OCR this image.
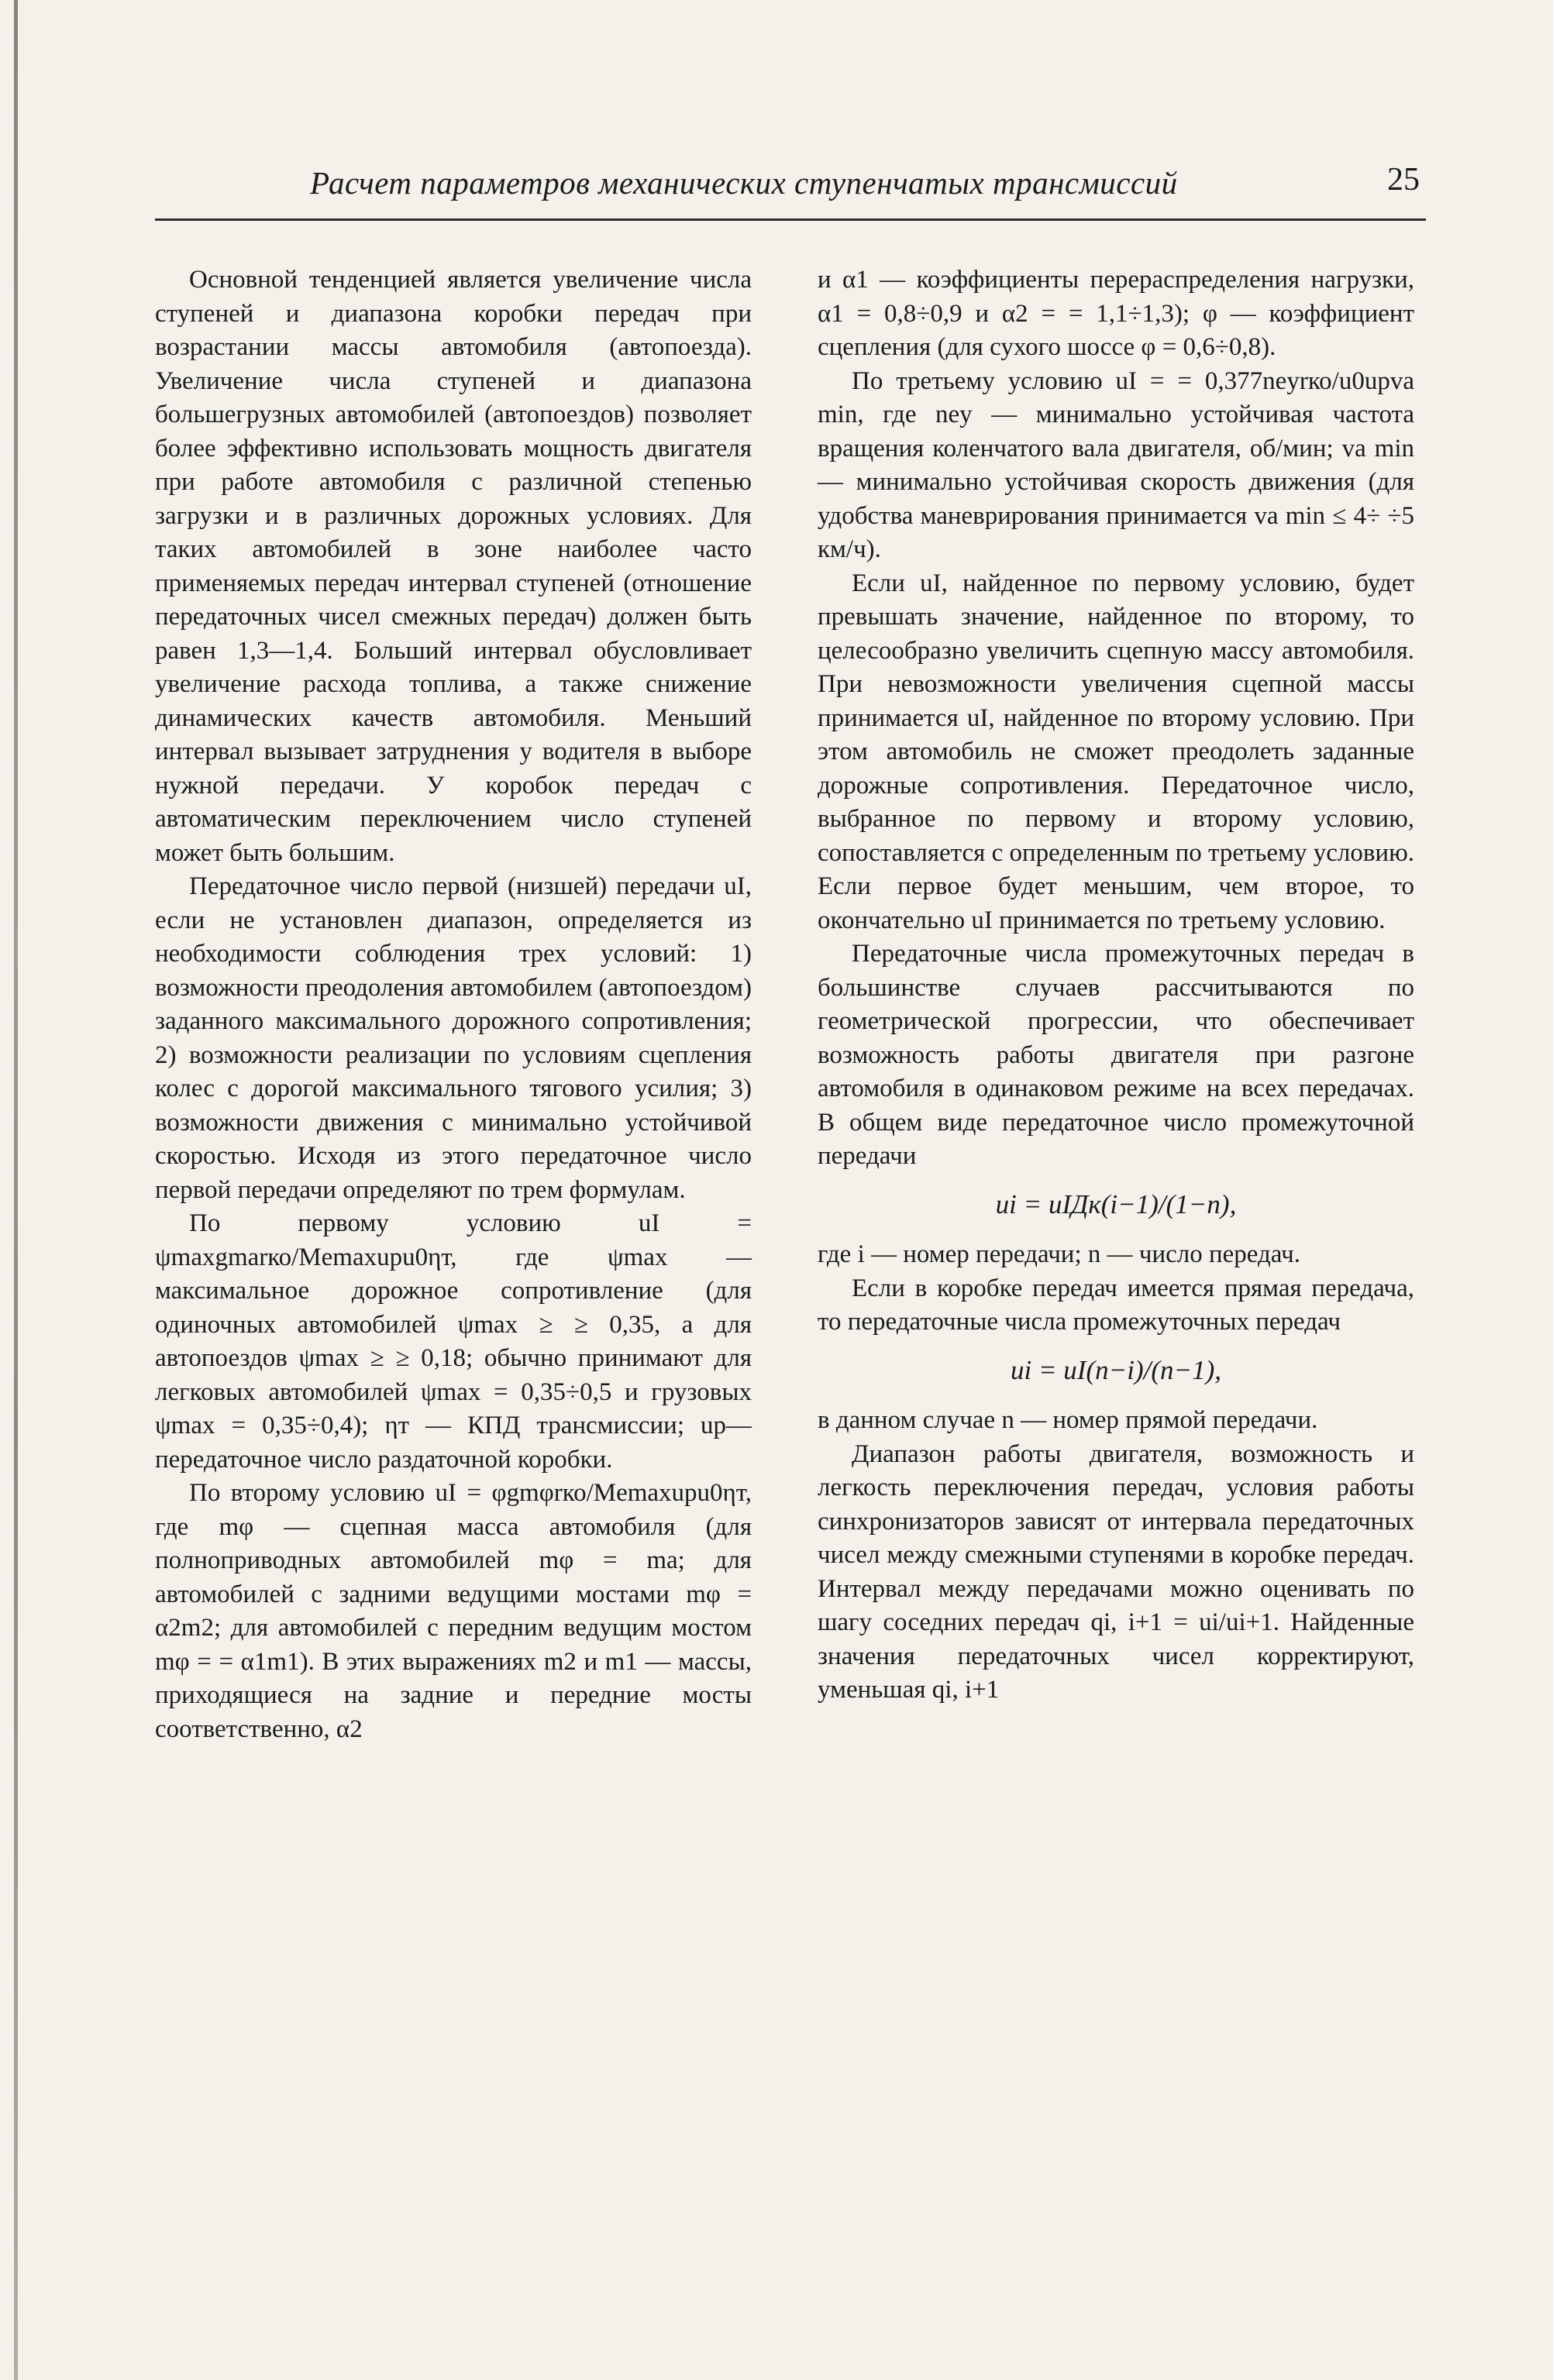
Расчет параметров механических ступенчатых трансмиссий	25

Основной тенденцией является увеличение числа ступеней и диапазона коробки передач при возрастании массы автомобиля (автопоезда). Увеличение числа ступеней и диапазона большегрузных автомобилей (автопоездов) позволяет более эффективно использовать мощность двигателя при работе автомобиля с различной степенью загрузки и в различных дорожных условиях. Для таких автомобилей в зоне наиболее часто применяемых передач интервал ступеней (отношение передаточных чисел смежных передач) должен быть равен 1,3—1,4. Больший интервал обусловливает увеличение расхода топлива, а также снижение динамических качеств автомобиля. Меньший интервал вызывает затруднения у водителя в выборе нужной передачи. У коробок передач с автоматическим переключением число ступеней может быть большим.

Передаточное число первой (низшей) передачи uI, если не установлен диапазон, определяется из необходимости соблюдения трех условий: 1) возможности преодоления автомобилем (автопоездом) заданного максимального дорожного сопротивления; 2) возможности реализации по условиям сцепления колес с дорогой максимального тягового усилия; 3) возможности движения с минимально устойчивой скоростью. Исходя из этого передаточное число первой передачи определяют по трем формулам.

По первому условию uI = ψmaxgmarко/Memaxupu0ηт, где ψmax — максимальное дорожное сопротивление (для одиночных автомобилей ψmax ≥ ≥ 0,35, а для автопоездов ψmax ≥ ≥ 0,18; обычно принимают для легковых автомобилей ψmax = 0,35÷0,5 и грузовых ψmax = 0,35÷0,4); ηт — КПД трансмиссии; uр—передаточное число раздаточной коробки.

По второму условию uI = φgmφrко/Memaxupu0ηт, где mφ — сцепная масса автомобиля (для полноприводных автомобилей mφ = ma; для автомобилей с задними ведущими мостами mφ = α2m2; для автомобилей с передним ведущим мостом mφ = = α1m1). В этих выражениях m2 и m1 — массы, приходящиеся на задние и передние мосты соответственно, α2

и α1 — коэффициенты перераспределения нагрузки, α1 = 0,8÷0,9 и α2 = = 1,1÷1,3); φ — коэффициент сцепления (для сухого шоссе φ = 0,6÷0,8).

По третьему условию uI = = 0,377neyrко/u0upva min, где ney — минимально устойчивая частота вращения коленчатого вала двигателя, об/мин; va min — минимально устойчивая скорость движения (для удобства маневрирования принимается va min ≤ 4÷ ÷5 км/ч).

Если uI, найденное по первому условию, будет превышать значение, найденное по второму, то целесообразно увеличить сцепную массу автомобиля. При невозможности увеличения сцепной массы принимается uI, найденное по второму условию. При этом автомобиль не сможет преодолеть заданные дорожные сопротивления. Передаточное число, выбранное по первому и второму условию, сопоставляется с определенным по третьему условию. Если первое будет меньшим, чем второе, то окончательно uI принимается по третьему условию.

Передаточные числа промежуточных передач в большинстве случаев рассчитываются по геометрической прогрессии, что обеспечивает возможность работы двигателя при разгоне автомобиля в одинаковом режиме на всех передачах. В общем виде передаточное число промежуточной передачи

ui = uIДк(i−1)/(1−n),

где i — номер передачи; n — число передач.

Если в коробке передач имеется прямая передача, то передаточные числа промежуточных передач

ui = uI(n−i)/(n−1),

в данном случае n — номер прямой передачи.

Диапазон работы двигателя, возможность и легкость переключения передач, условия работы синхронизаторов зависят от интервала передаточных чисел между смежными ступенями в коробке передач. Интервал между передачами можно оценивать по шагу соседних передач qi, i+1 = ui/ui+1. Найденные значения передаточных чисел корректируют, уменьшая qi, i+1
